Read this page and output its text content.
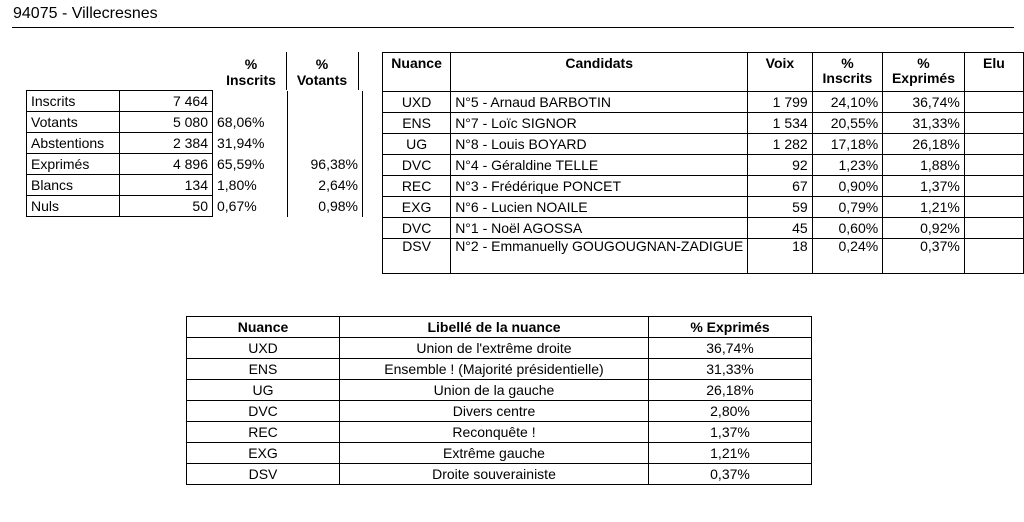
94075 - Villecresnes
% Inscrits
% Votants
Inscrits	7 464		
Votants	5 080	68,06%	
Abstentions	2 384	31,94%	
Exprimés	4 896	65,59%	96,38%
Blancs	134	1,80%	2,64%
Nuls	50	0,67%	0,98%
Nuance	Candidats	Voix	% Inscrits	% Exprimés	Elu
UXD	N°5 - Arnaud BARBOTIN	1 799	24,10%	36,74%	
ENS	N°7 - Loïc SIGNOR	1 534	20,55%	31,33%	
UG	N°8 - Louis BOYARD	1 282	17,18%	26,18%	
DVC	N°4 - Géraldine TELLE	92	1,23%	1,88%	
REC	N°3 - Frédérique PONCET	67	0,90%	1,37%	
EXG	N°6 - Lucien NOAILE	59	0,79%	1,21%	
DVC	N°1 - Noël AGOSSA	45	0,60%	0,92%	
DSV	N°2 - Emmanuelly GOUGOUGNAN-ZADIGUE	18	0,24%	0,37%	
Nuance	Libellé de la nuance	% Exprimés
UXD	Union de l'extrême droite	36,74%
ENS	Ensemble ! (Majorité présidentielle)	31,33%
UG	Union de la gauche	26,18%
DVC	Divers centre	2,80%
REC	Reconquête !	1,37%
EXG	Extrême gauche	1,21%
DSV	Droite souverainiste	0,37%
